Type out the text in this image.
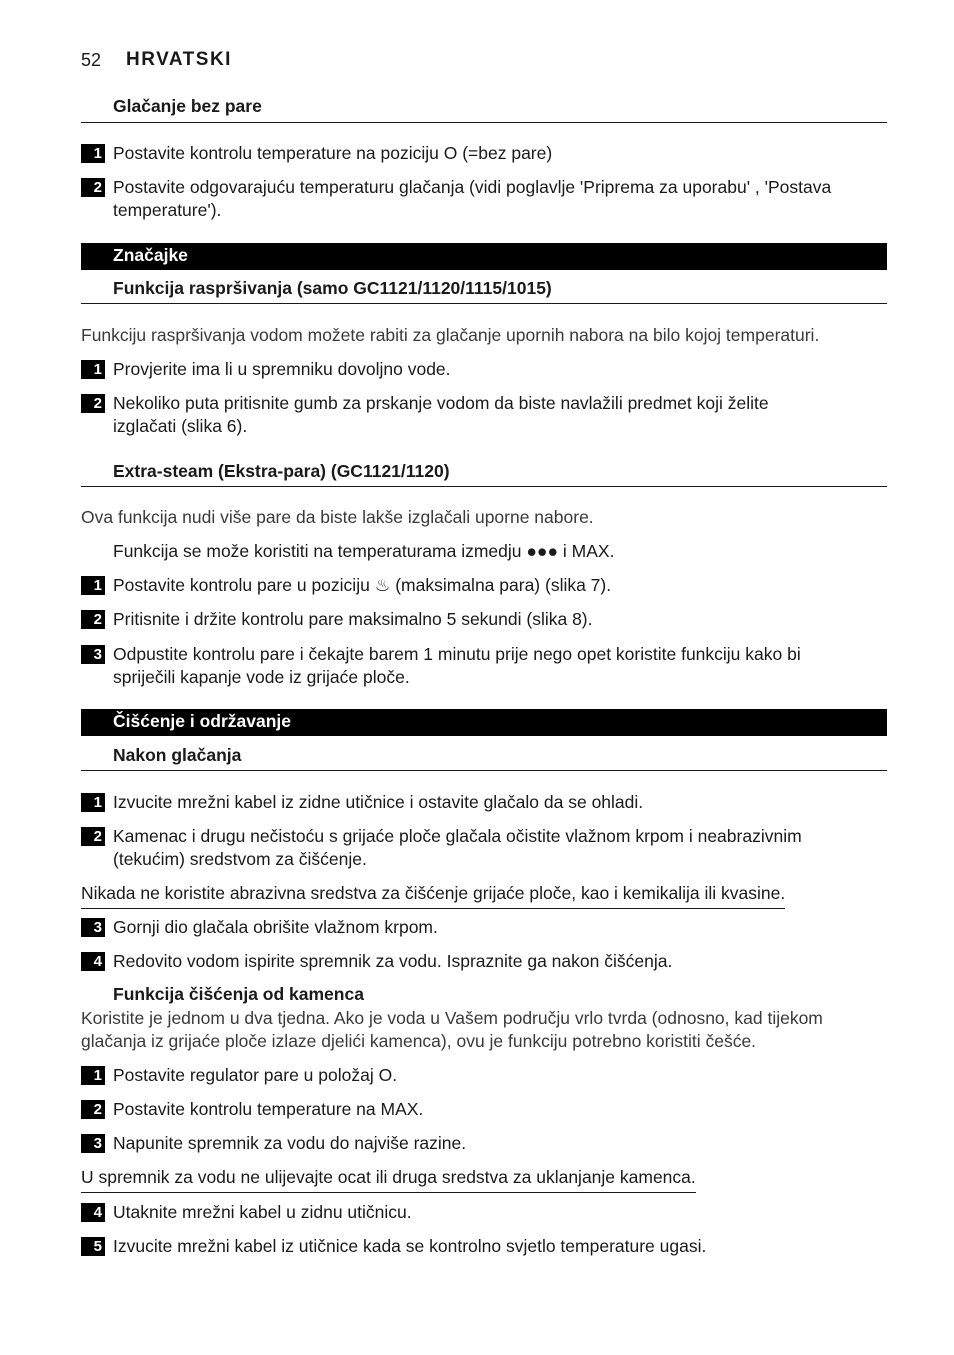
52 HRVATSKI
Glačanje bez pare
1 Postavite kontrolu temperature na poziciju O (=bez pare)
2 Postavite odgovarajuću temperaturu glačanja (vidi poglavlje 'Priprema za uporabu' , 'Postava
temperature').
Značajke
Funkcija raspršivanja (samo GC1121/1120/1115/1015)
Funkciju raspršivanja vodom možete rabiti za glačanje upornih nabora na bilo kojoj temperaturi.
1 Provjerite ima li u spremniku dovoljno vode.
2 Nekoliko puta pritisnite gumb za prskanje vodom da biste navlažili predmet koji želite
izglačati (slika 6).
Extra-steam (Ekstra-para) (GC1121/1120)
Ova funkcija nudi više pare da biste lakše izglačali uporne nabore.
Funkcija se može koristiti na temperaturama izmedju ●●● i MAX.
1 Postavite kontrolu pare u poziciju ♨ (maksimalna para) (slika 7).
2 Pritisnite i držite kontrolu pare maksimalno 5 sekundi (slika 8).
3 Odpustite kontrolu pare i čekajte barem 1 minutu prije nego opet koristite funkciju kako bi
spriječili kapanje vode iz grijaće ploče.
Čišćenje i održavanje
Nakon glačanja
1 Izvucite mrežni kabel iz zidne utičnice i ostavite glačalo da se ohladi.
2 Kamenac i drugu nečistoću s grijaće ploče glačala očistite vlažnom krpom i neabrazivnim
(tekućim) sredstvom za čišćenje.
Nikada ne koristite abrazivna sredstva za čišćenje grijaće ploče, kao i kemikalija ili kvasine.
3 Gornji dio glačala obrišite vlažnom krpom.
4 Redovito vodom ispirite spremnik za vodu. Ispraznite ga nakon čišćenja.
Funkcija čišćenja od kamenca
Koristite je jednom u dva tjedna. Ako je voda u Vašem području vrlo tvrda (odnosno, kad tijekom
glačanja iz grijaće ploče izlaze djelići kamenca), ovu je funkciju potrebno koristiti češće.
1 Postavite regulator pare u položaj O.
2 Postavite kontrolu temperature na MAX.
3 Napunite spremnik za vodu do najviše razine.
U spremnik za vodu ne ulijevajte ocat ili druga sredstva za uklanjanje kamenca.
4 Utaknite mrežni kabel u zidnu utičnicu.
5 Izvucite mrežni kabel iz utičnice kada se kontrolno svjetlo temperature ugasi.
